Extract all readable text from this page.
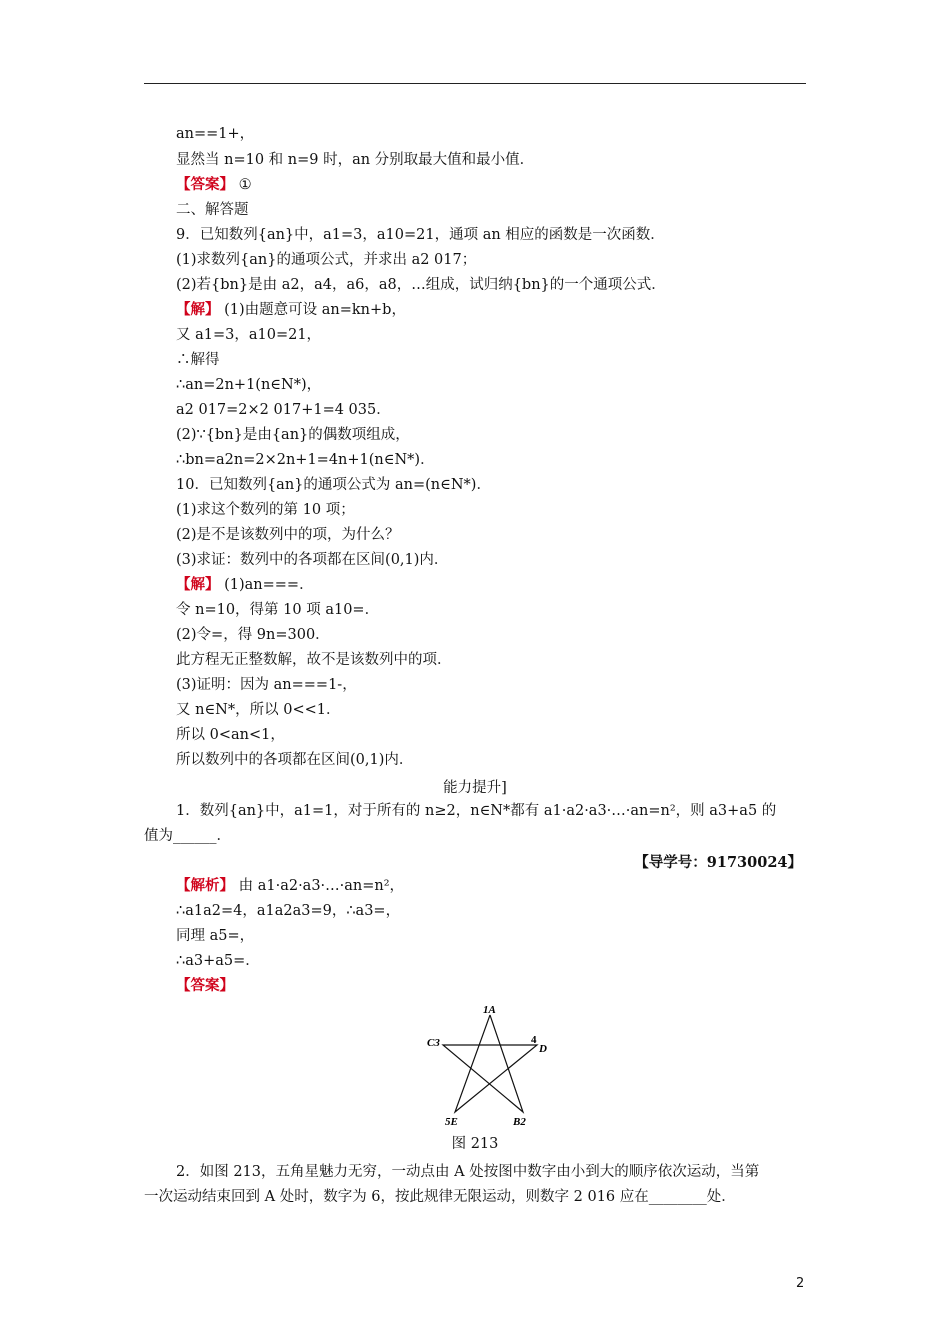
an==1+，
显然当 n=10 和 n=9 时，an 分别取最大值和最小值．
【答案】 ①
二、解答题
9．已知数列{an}中，a1=3，a10=21，通项 an 相应的函数是一次函数．
(1)求数列{an}的通项公式，并求出 a2 017；
(2)若{bn}是由 a2，a4，a6，a8，…组成，试归纳{bn}的一个通项公式．
【解】 (1)由题意可设 an=kn+b，
又 a1=3，a10=21，
∴解得
∴an=2n+1(n∈N*)，
a2 017=2×2 017+1=4 035．
(2)∵{bn}是由{an}的偶数项组成，
∴bn=a2n=2×2n+1=4n+1(n∈N*)．
10．已知数列{an}的通项公式为 an=(n∈N*)．
(1)求这个数列的第 10 项；
(2)是不是该数列中的项，为什么？
(3)求证：数列中的各项都在区间(0,1)内．
【解】 (1)an===．
令 n=10，得第 10 项 a10=．
(2)令=，得 9n=300．
此方程无正整数解，故不是该数列中的项．
(3)证明：因为 an===1-，
又 n∈N*，所以 0<<1．
所以 0<an<1，
所以数列中的各项都在区间(0,1)内．
能力提升]
1．数列{an}中，a1=1，对于所有的 n≥2，n∈N*都有 a1·a2·a3·…·an=n²，则 a3+a5 的
值为______．
【导学号：91730024】
【解析】 由 a1·a2·a3·…·an=n²，
∴a1a2=4，a1a2a3=9，∴a3=，
同理 a5=，
∴a3+a5=．
【答案】
1A
C3	4
D
5E	B2
图 213
2．如图 213，五角星魅力无穷，一动点由 A 处按图中数字由小到大的顺序依次运动，当第
一次运动结束回到 A 处时，数字为 6，按此规律无限运动，则数字 2 016 应在________处．
2
